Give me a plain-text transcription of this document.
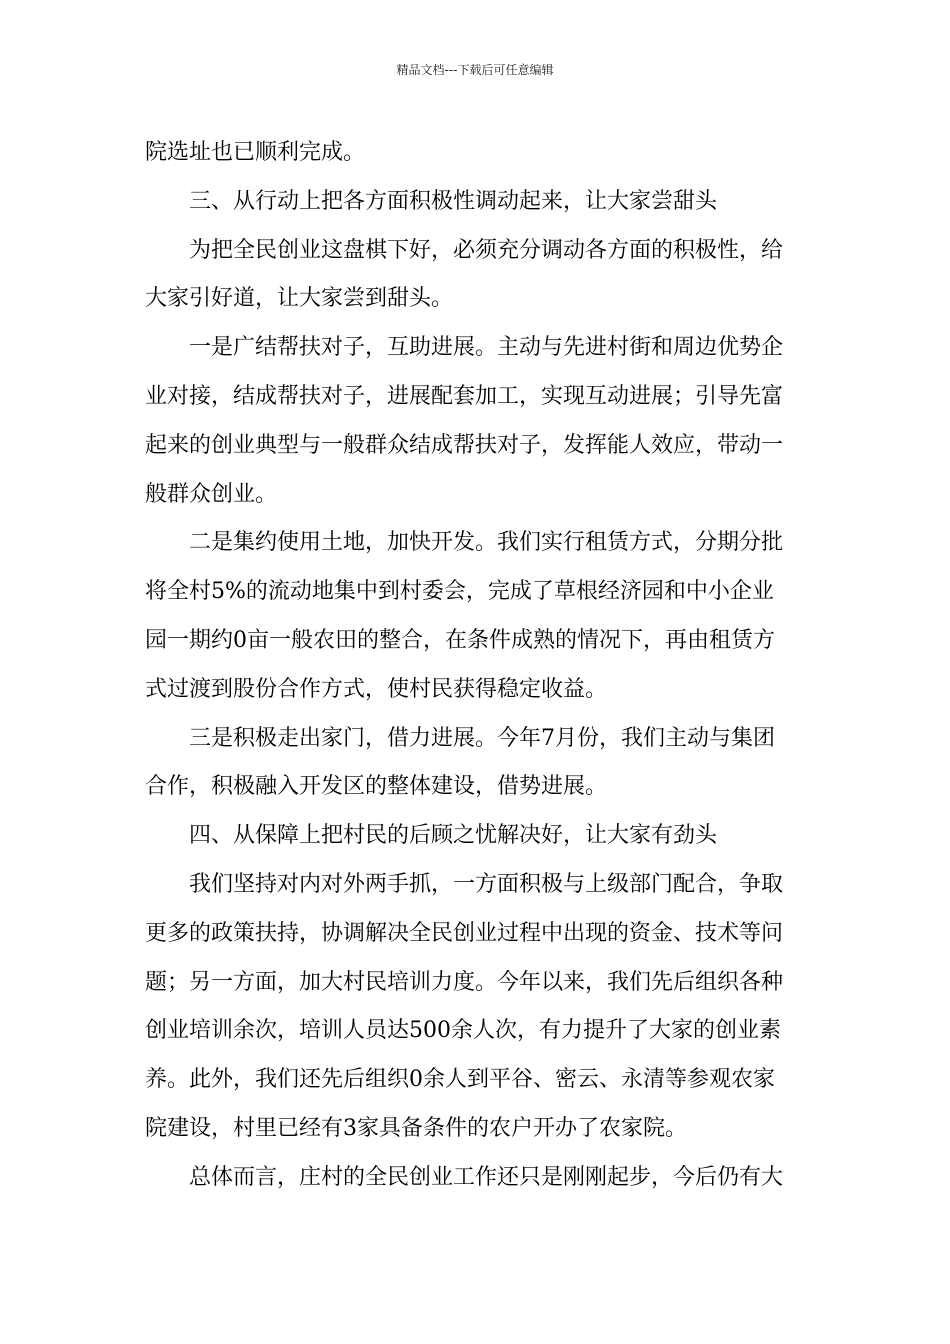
精品文档---下载后可任意编辑
院选址也已顺利完成。
三、从行动上把各方面积极性调动起来，让大家尝甜头
为把全民创业这盘棋下好，必须充分调动各方面的积极性，给
大家引好道，让大家尝到甜头。
一是广结帮扶对子，互助进展。主动与先进村街和周边优势企
业对接，结成帮扶对子，进展配套加工，实现互动进展；引导先富
起来的创业典型与一般群众结成帮扶对子，发挥能人效应，带动一
般群众创业。
二是集约使用土地，加快开发。我们实行租赁方式，分期分批
将全村5%的流动地集中到村委会，完成了草根经济园和中小企业
园一期约0亩一般农田的整合，在条件成熟的情况下，再由租赁方
式过渡到股份合作方式，使村民获得稳定收益。
三是积极走出家门，借力进展。今年7月份，我们主动与集团
合作，积极融入开发区的整体建设，借势进展。
四、从保障上把村民的后顾之忧解决好，让大家有劲头
我们坚持对内对外两手抓，一方面积极与上级部门配合，争取
更多的政策扶持，协调解决全民创业过程中出现的资金、技术等问
题；另一方面，加大村民培训力度。今年以来，我们先后组织各种
创业培训余次，培训人员达500余人次，有力提升了大家的创业素
养。此外，我们还先后组织0余人到平谷、密云、永清等参观农家
院建设，村里已经有3家具备条件的农户开办了农家院。
总体而言，庄村的全民创业工作还只是刚刚起步，今后仍有大
